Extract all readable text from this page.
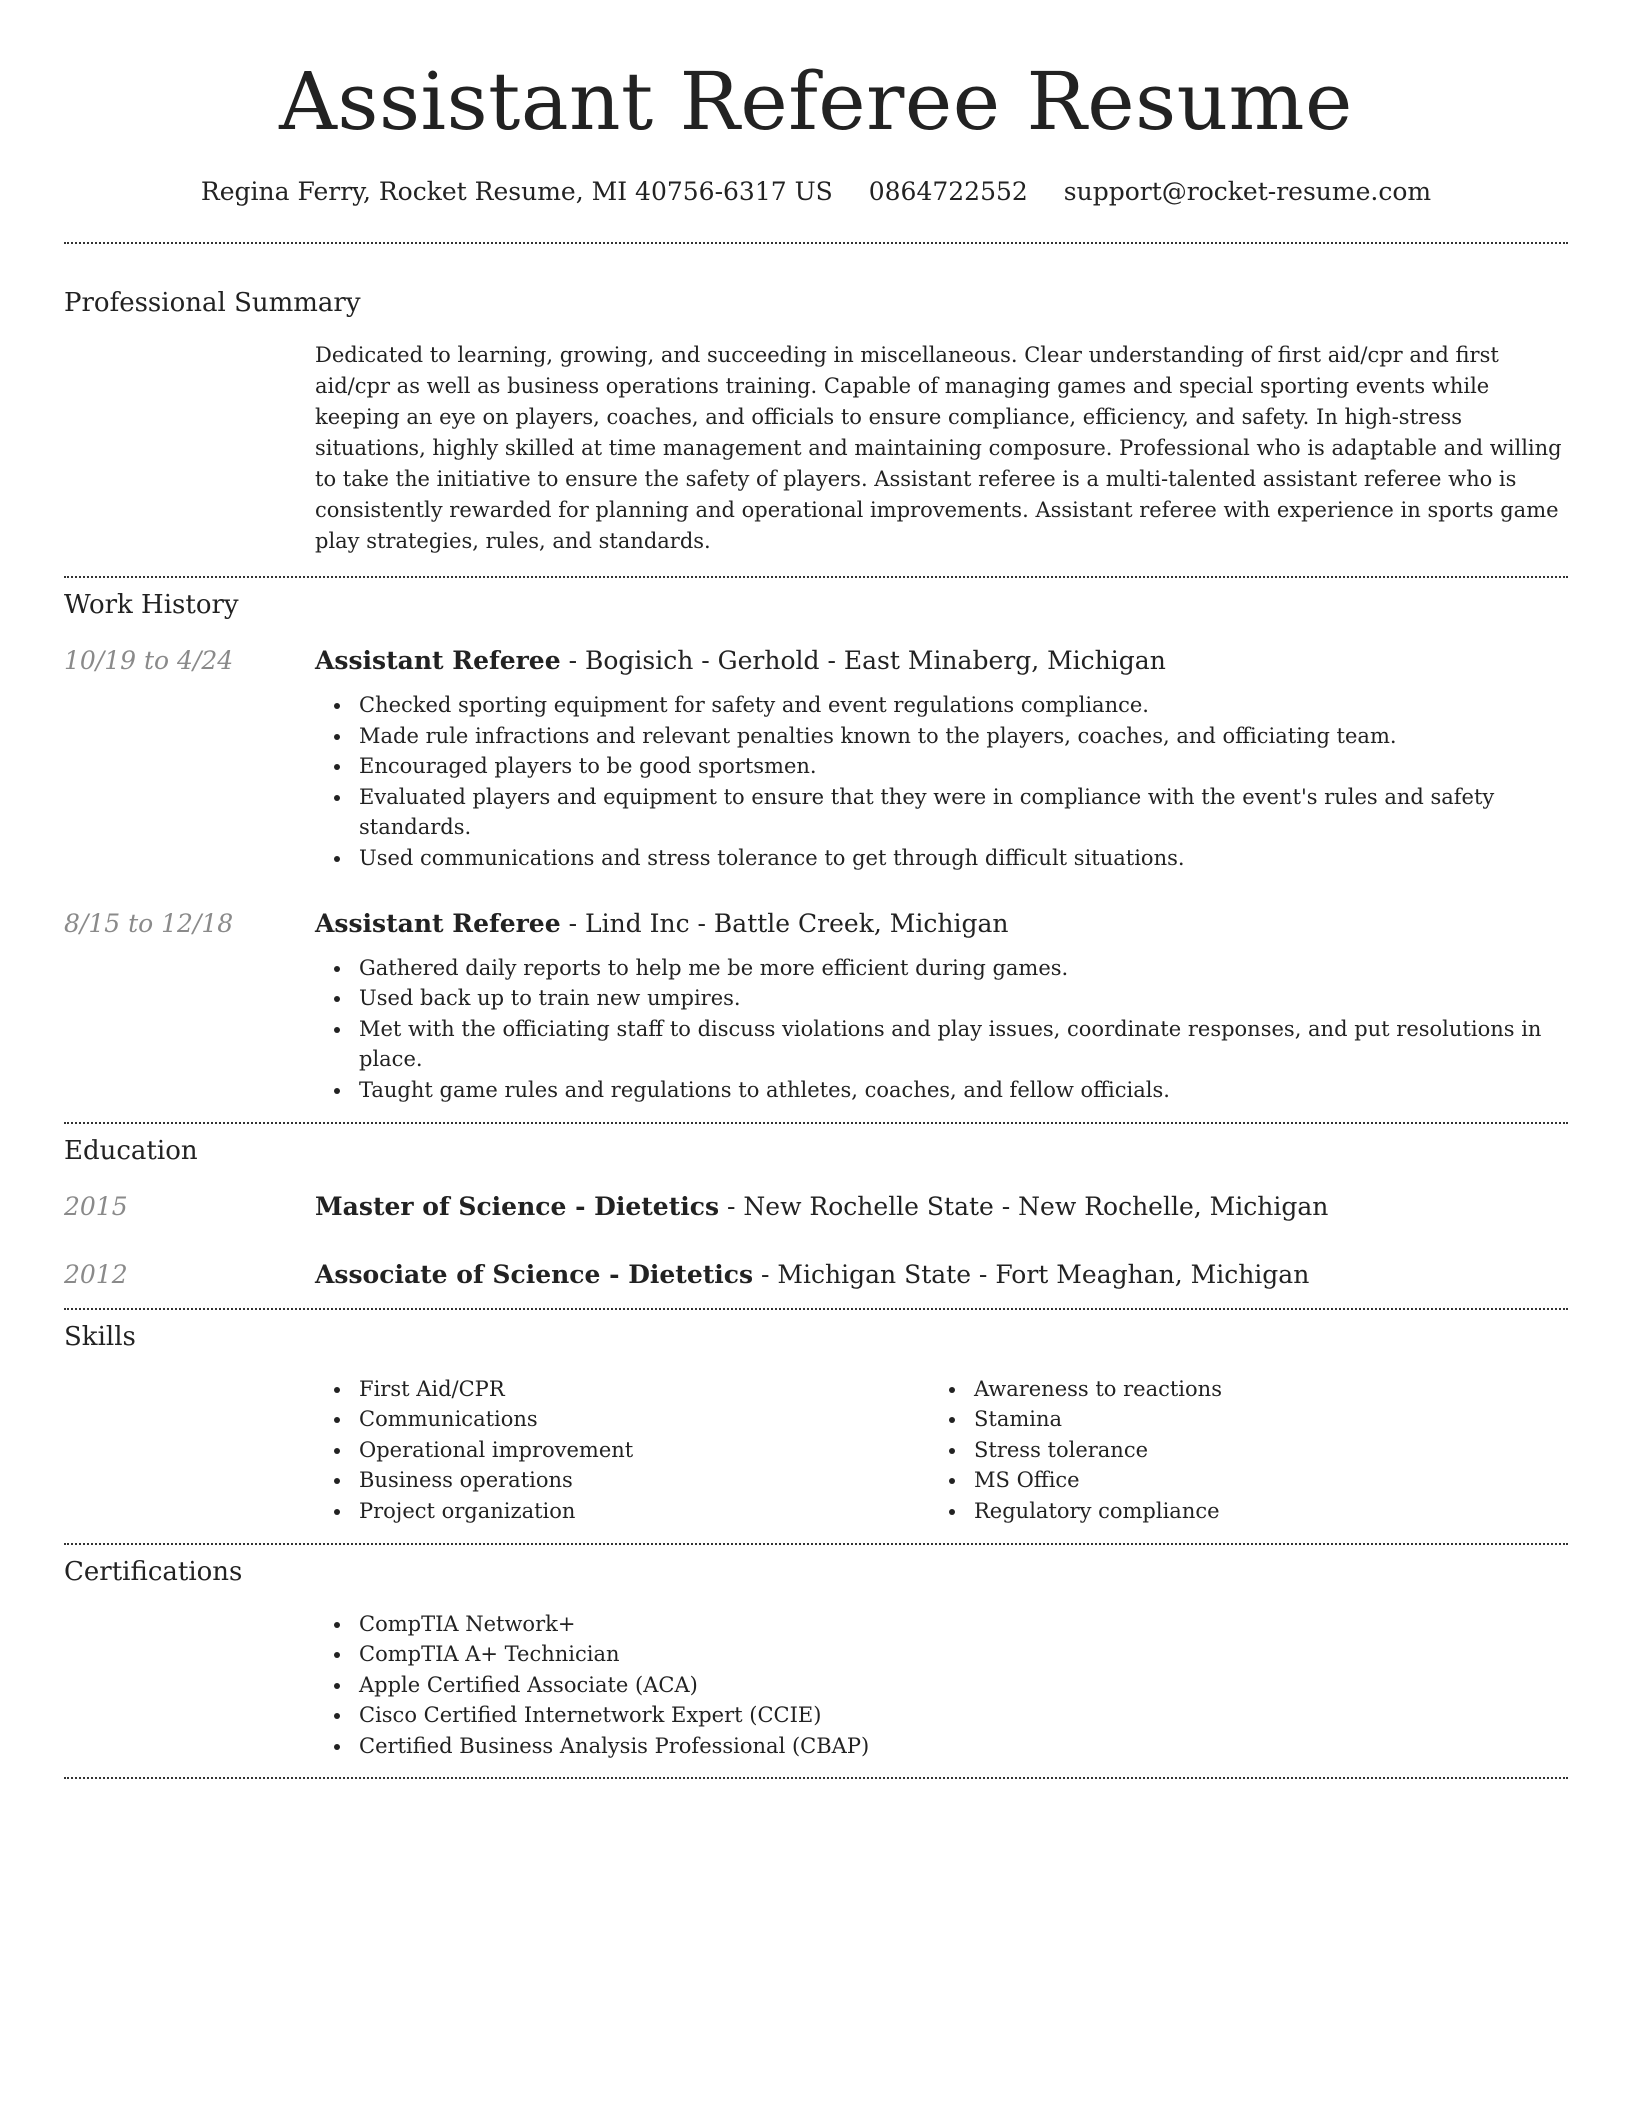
Assistant Referee Resume
Regina Ferry, Rocket Resume, MI 40756-6317 US 0864722552 support@rocket-resume.com
Professional Summary

Dedicated to learning, growing, and succeeding in miscellaneous. Clear understanding of first aid/cpr and first aid/cpr as well as business operations training. Capable of managing games and special sporting events while keeping an eye on players, coaches, and officials to ensure compliance, efficiency, and safety. In high-stress situations, highly skilled at time management and maintaining composure. Professional who is adaptable and willing to take the initiative to ensure the safety of players. Assistant referee is a multi-talented assistant referee who is consistently rewarded for planning and operational improvements. Assistant referee with experience in sports game play strategies, rules, and standards.

Work History
10/19 to 4/24	Assistant Referee - Bogisich - Gerhold - East Minaberg, Michigan
Checked sporting equipment for safety and event regulations compliance.
Made rule infractions and relevant penalties known to the players, coaches, and officiating team.
Encouraged players to be good sportsmen.
Evaluated players and equipment to ensure that they were in compliance with the event's rules and safety standards.
Used communications and stress tolerance to get through difficult situations.
8/15 to 12/18	Assistant Referee - Lind Inc - Battle Creek, Michigan
Gathered daily reports to help me be more efficient during games.
Used back up to train new umpires.
Met with the officiating staff to discuss violations and play issues, coordinate responses, and put resolutions in place.
Taught game rules and regulations to athletes, coaches, and fellow officials.
Education
2015	Master of Science - Dietetics - New Rochelle State - New Rochelle, Michigan
2012	Associate of Science - Dietetics - Michigan State - Fort Meaghan, Michigan
Skills
First Aid/CPR
Communications
Operational improvement
Business operations
Project organization
Awareness to reactions
Stamina
Stress tolerance
MS Office
Regulatory compliance
Certifications
CompTIA Network+
CompTIA A+ Technician
Apple Certified Associate (ACA)
Cisco Certified Internetwork Expert (CCIE)
Certified Business Analysis Professional (CBAP)
